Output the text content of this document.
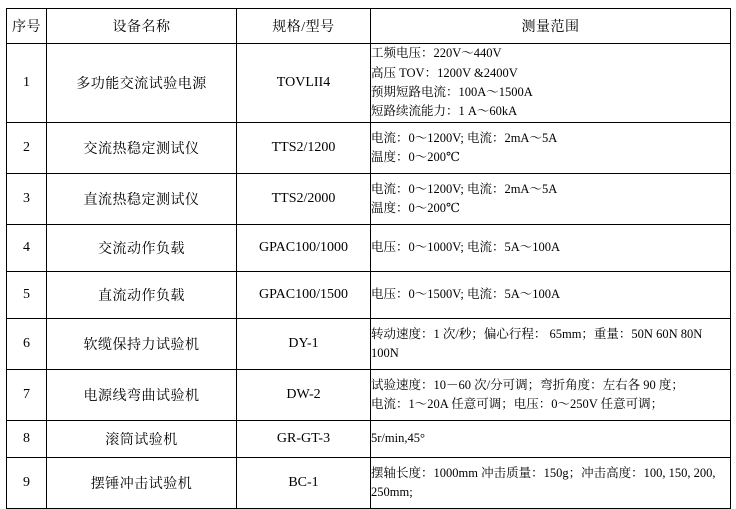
序号	设备名称	规格/型号	测量范围
1	多功能交流试验电源	TOVLII4	工频电压：220V～440V
高压 TOV：1200V &2400V
预期短路电流：100A～1500A
短路续流能力：1 A～60kA

2	交流热稳定测试仪	TTS2/1200	电流：0～1200V; 电流：2mA～5A
温度：0～200℃

3	直流热稳定测试仪	TTS2/2000	电流：0～1200V; 电流：2mA～5A
温度：0～200℃

4	交流动作负载	GPAC100/1000	电压：0～1000V; 电流：5A～100A

5	直流动作负载	GPAC100/1500	电压：0～1500V; 电流：5A～100A

6	软缆保持力试验机	DY-1	转动速度：1 次/秒；偏心行程： 65mm；重量：50N 60N 80N 100N

7	电源线弯曲试验机	DW-2	试验速度：10－60 次/分可调；弯折角度：左右各 90 度；
电流：1～20A 任意可调；电压：0～250V 任意可调；

8	滚筒试验机	GR-GT-3	5r/min,45°

9	摆锤冲击试验机	BC-1	摆轴长度：1000mm 冲击质量：150g；冲击高度：100, 150, 200, 250mm;
